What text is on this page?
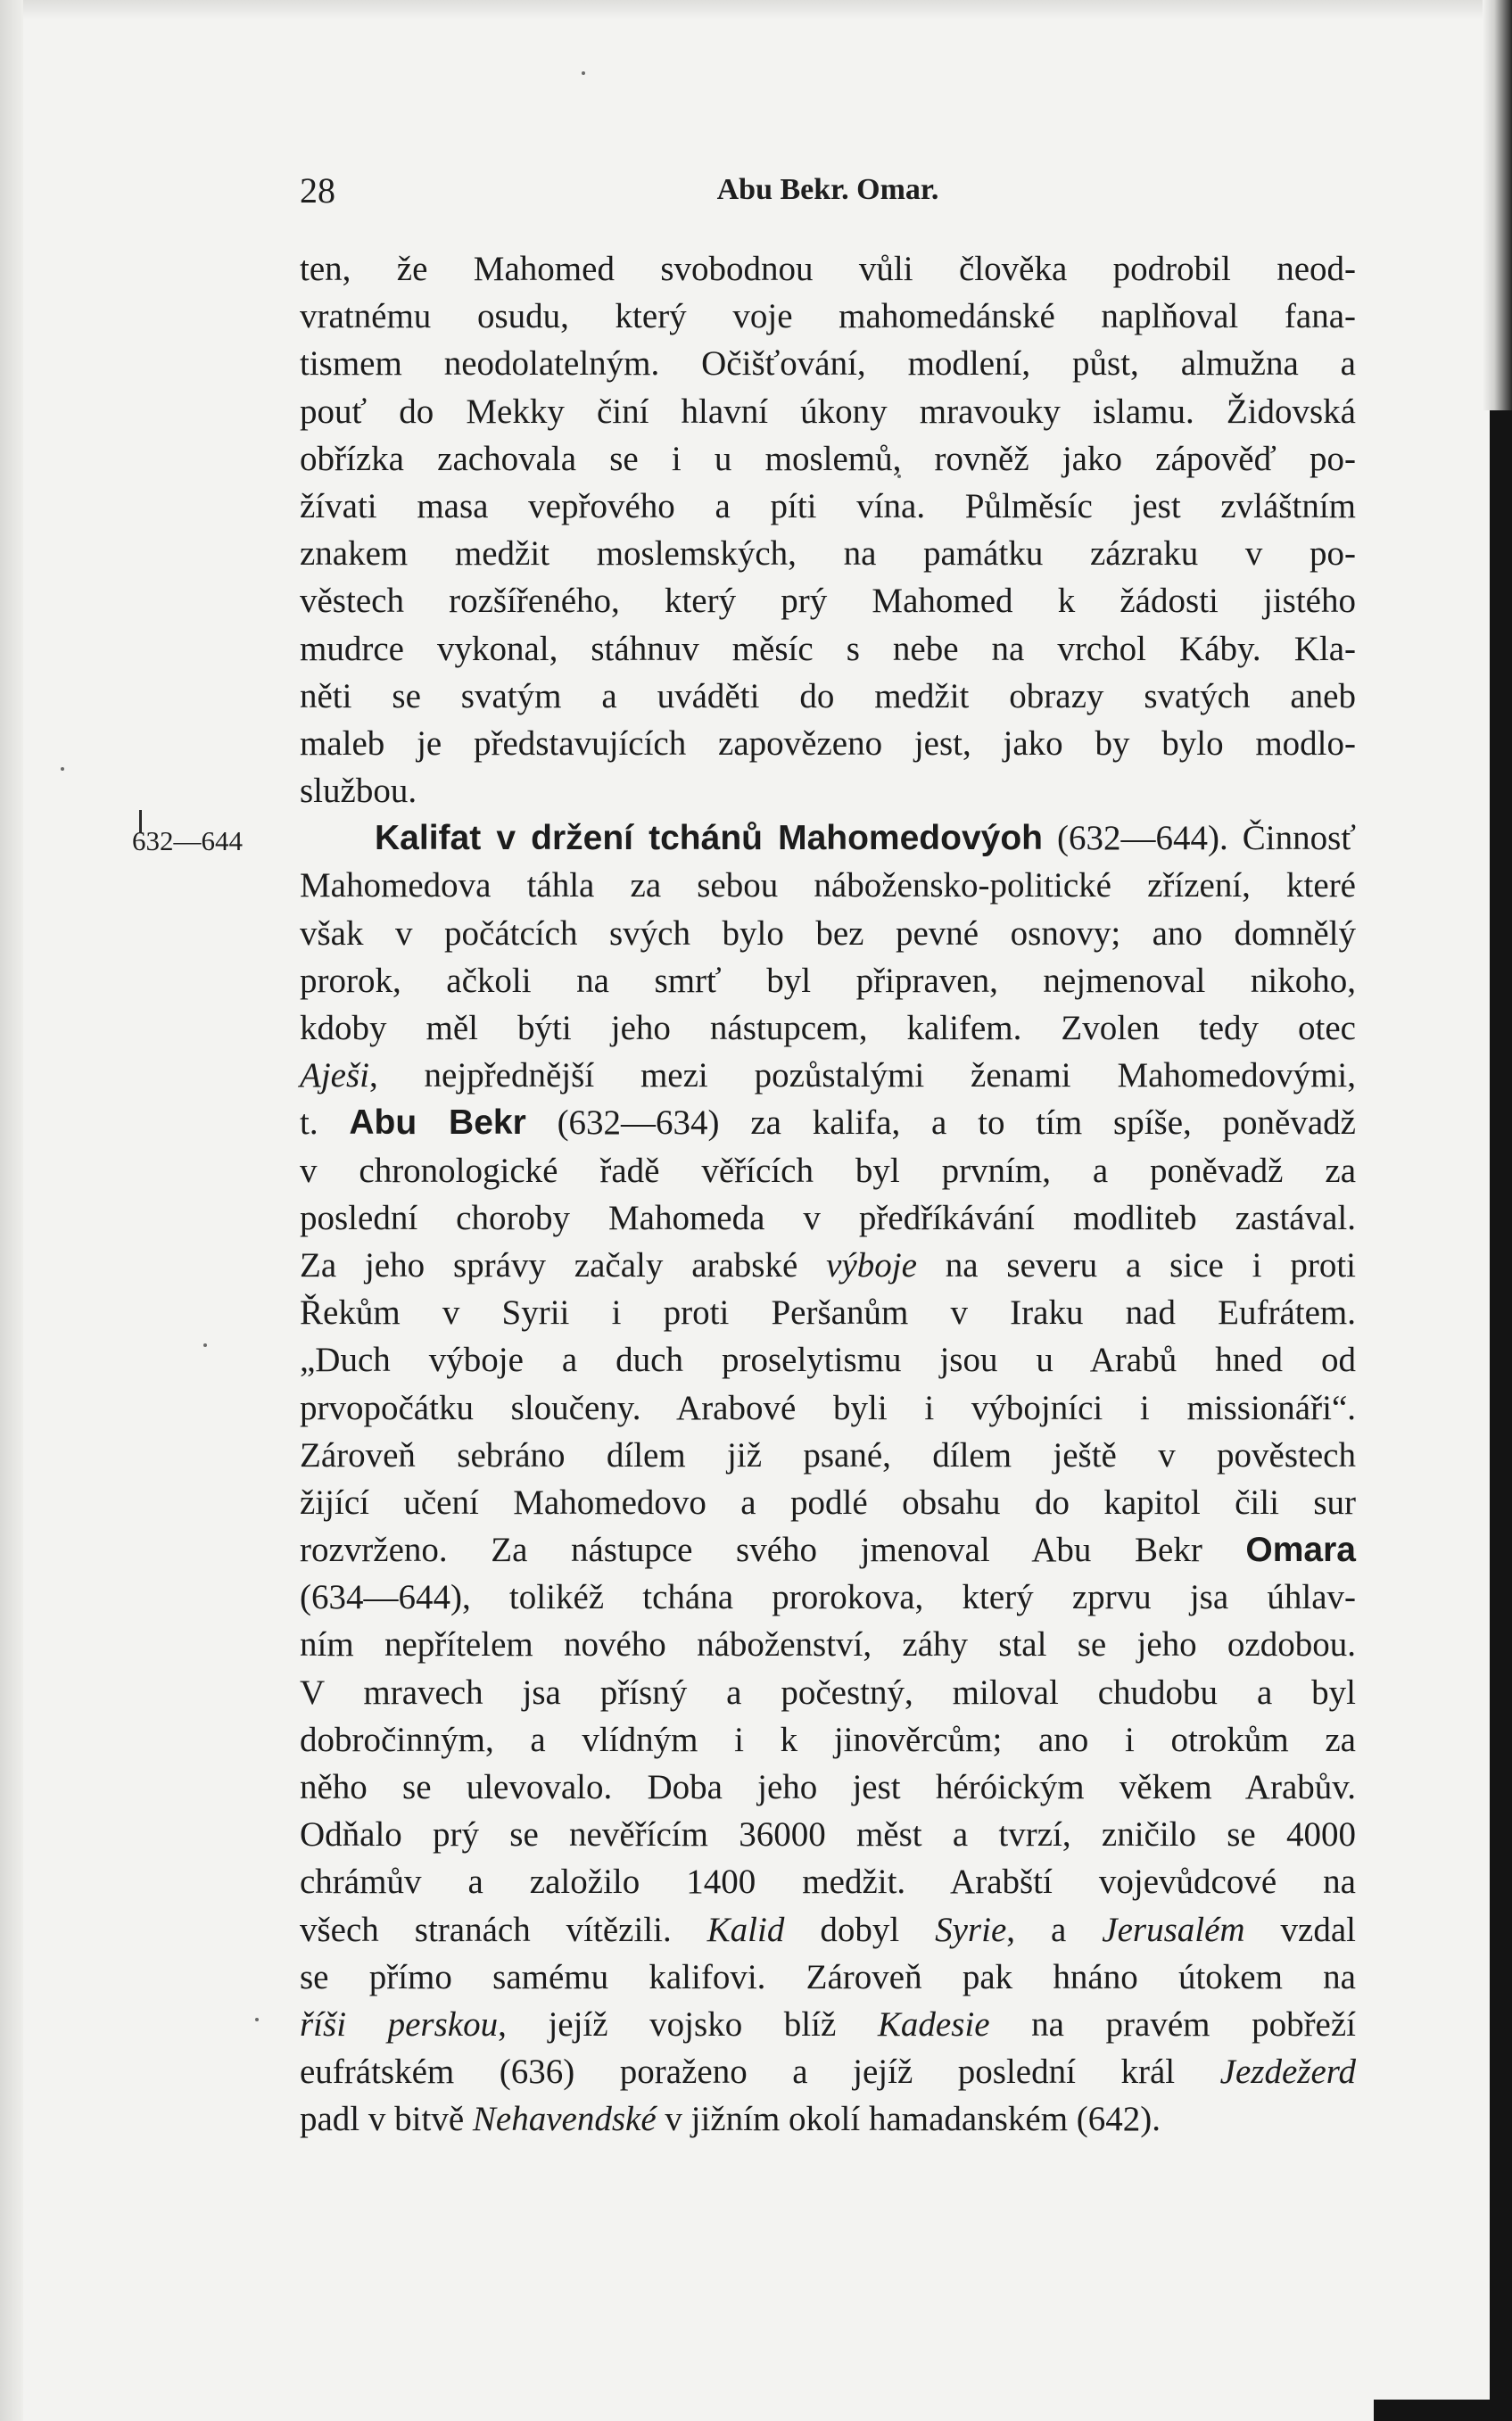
28	Abu Bekr. Omar.
632—644
ten, že Mahomed svobodnou vůli člověka podrobil neod-
vratnému osudu, který voje mahomedánské naplňoval fana-
tismem neodolatelným. Očišťování, modlení, půst, almužna a
pouť do Mekky činí hlavní úkony mravouky islamu. Židovská
obřízka zachovala se i u moslemů, rovněž jako zápověď po-
žívati masa vepřového a píti vína. Půlměsíc jest zvláštním
znakem medžit moslemských, na památku zázraku v po-
věstech rozšířeného, který prý Mahomed k žádosti jistého
mudrce vykonal, stáhnuv měsíc s nebe na vrchol Káby. Kla-
něti se svatým a uváděti do medžit obrazy svatých aneb
maleb je představujících zapovězeno jest, jako by bylo modlo-
službou.
Kalifat v držení tchánů Mahomedovýoh (632—644). Činnosť
Mahomedova táhla za sebou nábožensko-politické zřízení, které
však v počátcích svých bylo bez pevné osnovy; ano domnělý
prorok, ačkoli na smrť byl připraven, nejmenoval nikoho,
kdoby měl býti jeho nástupcem, kalifem. Zvolen tedy otec
Aješi, nejpřednější mezi pozůstalými ženami Mahomedovými,
t. Abu Bekr (632—634) za kalifa, a to tím spíše, poněvadž
v chronologické řadě věřících byl prvním, a poněvadž za
poslední choroby Mahomeda v předříkávání modliteb zastával.
Za jeho správy začaly arabské výboje na severu a sice i proti
Řekům v Syrii i proti Peršanům v Iraku nad Eufrátem.
„Duch výboje a duch proselytismu jsou u Arabů hned od
prvopočátku sloučeny. Arabové byli i výbojníci i missionáři“.
Zároveň sebráno dílem již psané, dílem ještě v pověstech
žijící učení Mahomedovo a podlé obsahu do kapitol čili sur
rozvrženo. Za nástupce svého jmenoval Abu Bekr Omara
(634—644), tolikéž tchána prorokova, který zprvu jsa úhlav-
ním nepřítelem nového náboženství, záhy stal se jeho ozdobou.
V mravech jsa přísný a počestný, miloval chudobu a byl
dobročinným, a vlídným i k jinověrcům; ano i otrokům za
něho se ulevovalo. Doba jeho jest héróickým věkem Arabův.
Odňalo prý se nevěřícím 36000 měst a tvrzí, zničilo se 4000
chrámův a založilo 1400 medžit. Arabští vojevůdcové na
všech stranách vítězili. Kalid dobyl Syrie, a Jerusalém vzdal
se přímo samému kalifovi. Zároveň pak hnáno útokem na
říši perskou, jejíž vojsko blíž Kadesie na pravém pobřeží
eufrátském (636) poraženo a jejíž poslední král Jezdežerd
padl v bitvě Nehavendské v jižním okolí hamadanském (642).
